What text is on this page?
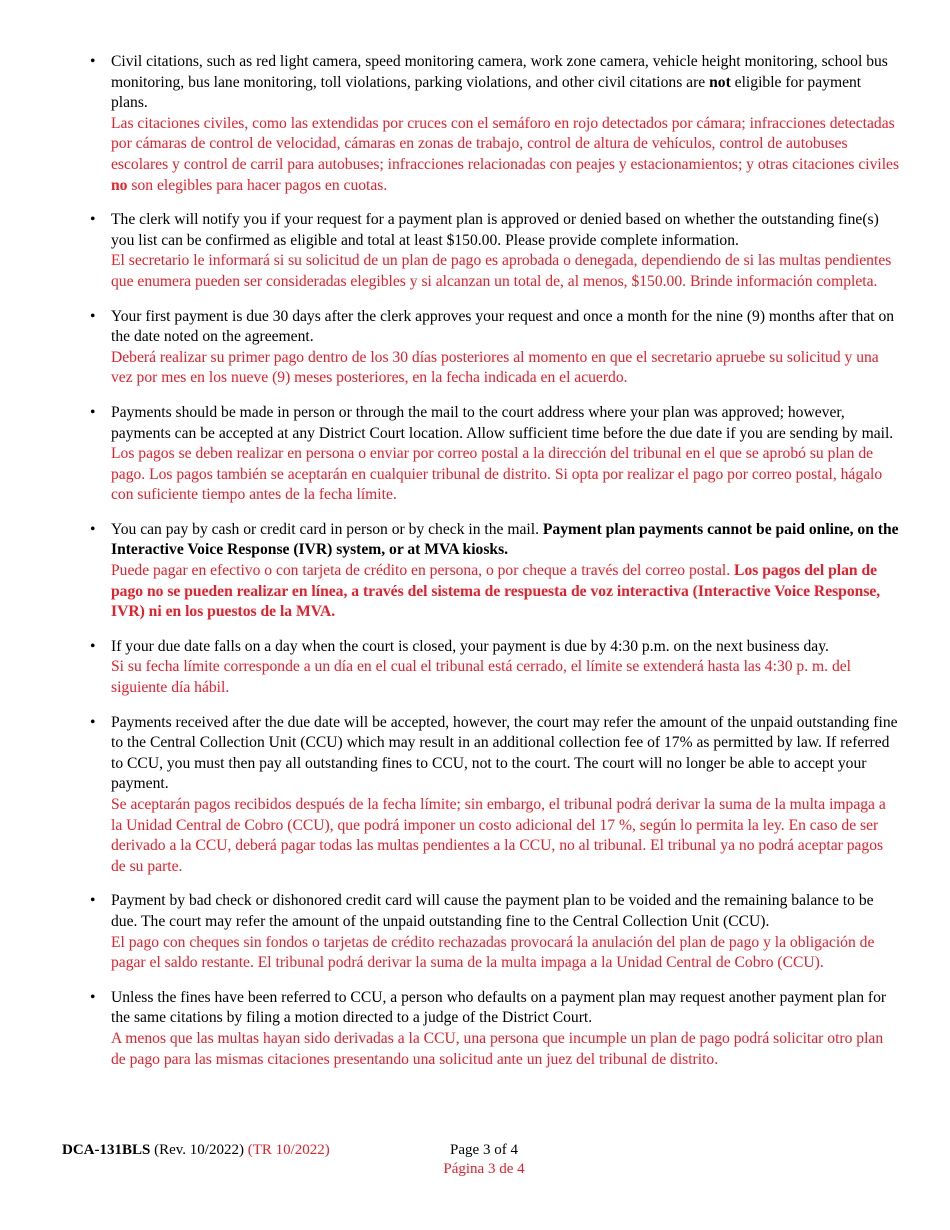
• Civil citations, such as red light camera, speed monitoring camera, work zone camera, vehicle height monitoring, school bus monitoring, bus lane monitoring, toll violations, parking violations, and other civil citations are not eligible for payment plans.
Las citaciones civiles, como las extendidas por cruces con el semáforo en rojo detectados por cámara; infracciones detectadas por cámaras de control de velocidad, cámaras en zonas de trabajo, control de altura de vehículos, control de autobuses escolares y control de carril para autobuses; infracciones relacionadas con peajes y estacionamientos; y otras citaciones civiles no son elegibles para hacer pagos en cuotas.
• The clerk will notify you if your request for a payment plan is approved or denied based on whether the outstanding fine(s) you list can be confirmed as eligible and total at least $150.00. Please provide complete information.
El secretario le informará si su solicitud de un plan de pago es aprobada o denegada, dependiendo de si las multas pendientes que enumera pueden ser consideradas elegibles y si alcanzan un total de, al menos, $150.00. Brinde información completa.
• Your first payment is due 30 days after the clerk approves your request and once a month for the nine (9) months after that on the date noted on the agreement.
Deberá realizar su primer pago dentro de los 30 días posteriores al momento en que el secretario apruebe su solicitud y una vez por mes en los nueve (9) meses posteriores, en la fecha indicada en el acuerdo.
• Payments should be made in person or through the mail to the court address where your plan was approved; however, payments can be accepted at any District Court location. Allow sufficient time before the due date if you are sending by mail.
Los pagos se deben realizar en persona o enviar por correo postal a la dirección del tribunal en el que se aprobó su plan de pago. Los pagos también se aceptarán en cualquier tribunal de distrito. Si opta por realizar el pago por correo postal, hágalo con suficiente tiempo antes de la fecha límite.
• You can pay by cash or credit card in person or by check in the mail. Payment plan payments cannot be paid online, on the Interactive Voice Response (IVR) system, or at MVA kiosks.
Puede pagar en efectivo o con tarjeta de crédito en persona, o por cheque a través del correo postal. Los pagos del plan de pago no se pueden realizar en línea, a través del sistema de respuesta de voz interactiva (Interactive Voice Response, IVR) ni en los puestos de la MVA.
• If your due date falls on a day when the court is closed, your payment is due by 4:30 p.m. on the next business day.
Si su fecha límite corresponde a un día en el cual el tribunal está cerrado, el límite se extenderá hasta las 4:30 p. m. del siguiente día hábil.
• Payments received after the due date will be accepted, however, the court may refer the amount of the unpaid outstanding fine to the Central Collection Unit (CCU) which may result in an additional collection fee of 17% as permitted by law. If referred to CCU, you must then pay all outstanding fines to CCU, not to the court. The court will no longer be able to accept your payment.
Se aceptarán pagos recibidos después de la fecha límite; sin embargo, el tribunal podrá derivar la suma de la multa impaga a la Unidad Central de Cobro (CCU), que podrá imponer un costo adicional del 17 %, según lo permita la ley. En caso de ser derivado a la CCU, deberá pagar todas las multas pendientes a la CCU, no al tribunal. El tribunal ya no podrá aceptar pagos de su parte.
• Payment by bad check or dishonored credit card will cause the payment plan to be voided and the remaining balance to be due. The court may refer the amount of the unpaid outstanding fine to the Central Collection Unit (CCU).
El pago con cheques sin fondos o tarjetas de crédito rechazadas provocará la anulación del plan de pago y la obligación de pagar el saldo restante. El tribunal podrá derivar la suma de la multa impaga a la Unidad Central de Cobro (CCU).
• Unless the fines have been referred to CCU, a person who defaults on a payment plan may request another payment plan for the same citations by filing a motion directed to a judge of the District Court.
A menos que las multas hayan sido derivadas a la CCU, una persona que incumple un plan de pago podrá solicitar otro plan de pago para las mismas citaciones presentando una solicitud ante un juez del tribunal de distrito.
DCA-131BLS (Rev. 10/2022) (TR 10/2022)	Page 3 of 4
Página 3 de 4
